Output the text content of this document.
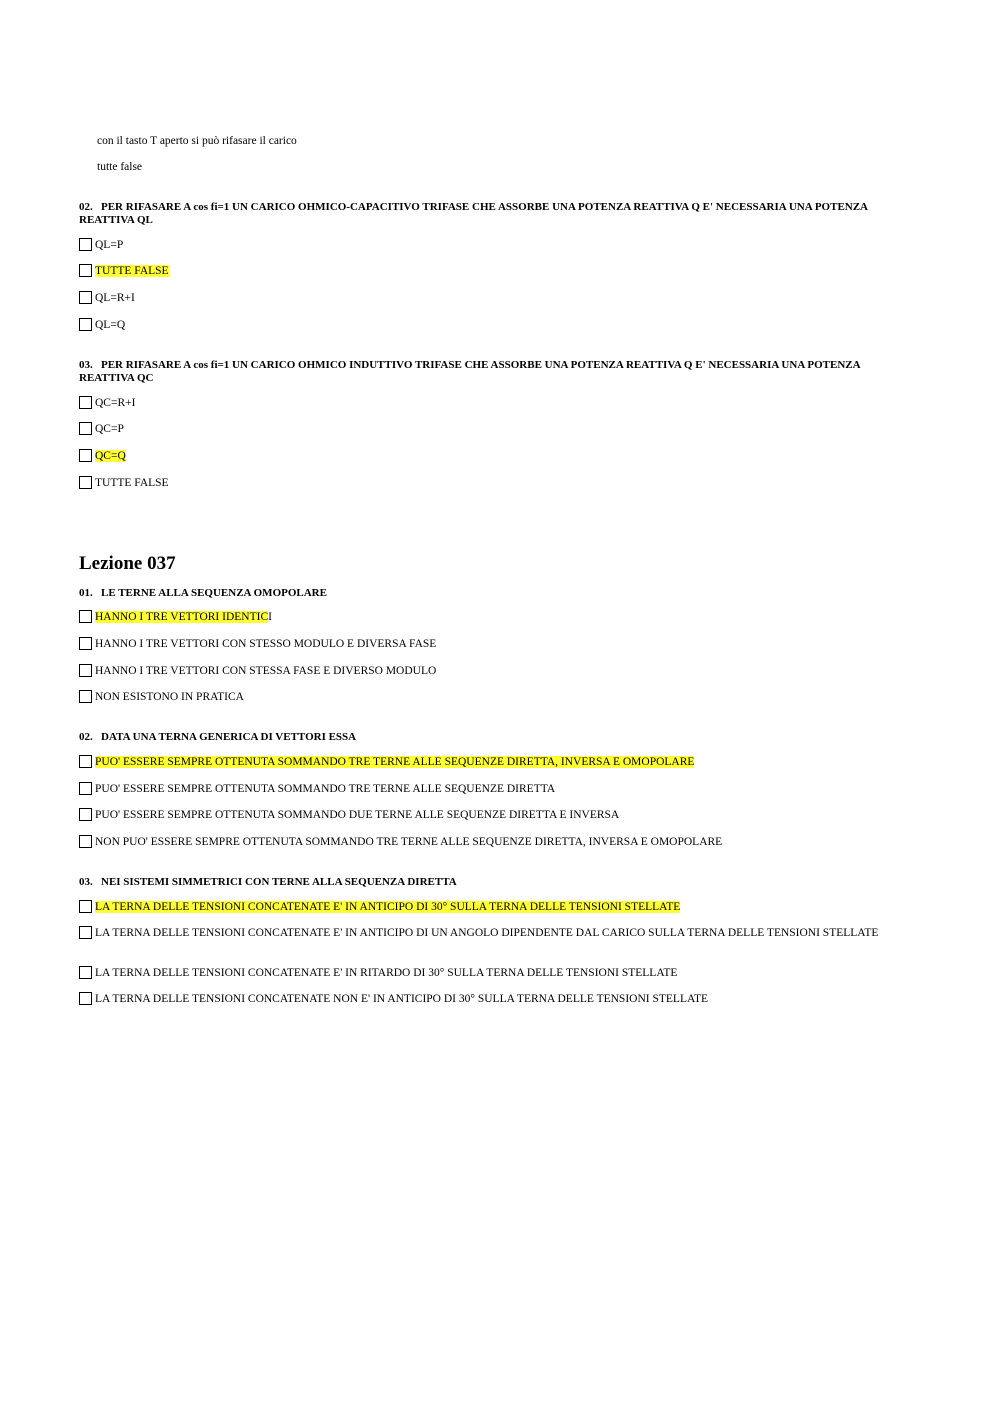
con il tasto T aperto si può rifasare il carico
tutte false
02. PER RIFASARE A cos fi=1 UN CARICO OHMICO-CAPACITIVO TRIFASE CHE ASSORBE UNA POTENZA REATTIVA Q E' NECESSARIA UNA POTENZA REATTIVA QL
QL=P
TUTTE FALSE
QL=R+I
QL=Q
03. PER RIFASARE A cos fi=1 UN CARICO OHMICO INDUTTIVO TRIFASE CHE ASSORBE UNA POTENZA REATTIVA Q E' NECESSARIA UNA POTENZA REATTIVA QC
QC=R+I
QC=P
QC=Q
TUTTE FALSE
Lezione 037
01. LE TERNE ALLA SEQUENZA OMOPOLARE
HANNO I TRE VETTORI IDENTICI
HANNO I TRE VETTORI CON STESSO MODULO E DIVERSA FASE
HANNO I TRE VETTORI CON STESSA FASE E DIVERSO MODULO
NON ESISTONO IN PRATICA
02. DATA UNA TERNA GENERICA DI VETTORI ESSA
PUO' ESSERE SEMPRE OTTENUTA SOMMANDO TRE TERNE ALLE SEQUENZE DIRETTA, INVERSA E OMOPOLARE
PUO' ESSERE SEMPRE OTTENUTA SOMMANDO TRE TERNE ALLE SEQUENZE DIRETTA
PUO' ESSERE SEMPRE OTTENUTA SOMMANDO DUE TERNE ALLE SEQUENZE DIRETTA E INVERSA
NON PUO' ESSERE SEMPRE OTTENUTA SOMMANDO TRE TERNE ALLE SEQUENZE DIRETTA, INVERSA E OMOPOLARE
03. NEI SISTEMI SIMMETRICI CON TERNE ALLA SEQUENZA DIRETTA
LA TERNA DELLE TENSIONI CONCATENATE E' IN ANTICIPO DI 30° SULLA TERNA DELLE TENSIONI STELLATE
LA TERNA DELLE TENSIONI CONCATENATE E' IN ANTICIPO DI UN ANGOLO DIPENDENTE DAL CARICO SULLA TERNA DELLE TENSIONI STELLATE
LA TERNA DELLE TENSIONI CONCATENATE E' IN RITARDO DI 30° SULLA TERNA DELLE TENSIONI STELLATE
LA TERNA DELLE TENSIONI CONCATENATE NON E' IN ANTICIPO DI 30° SULLA TERNA DELLE TENSIONI STELLATE
